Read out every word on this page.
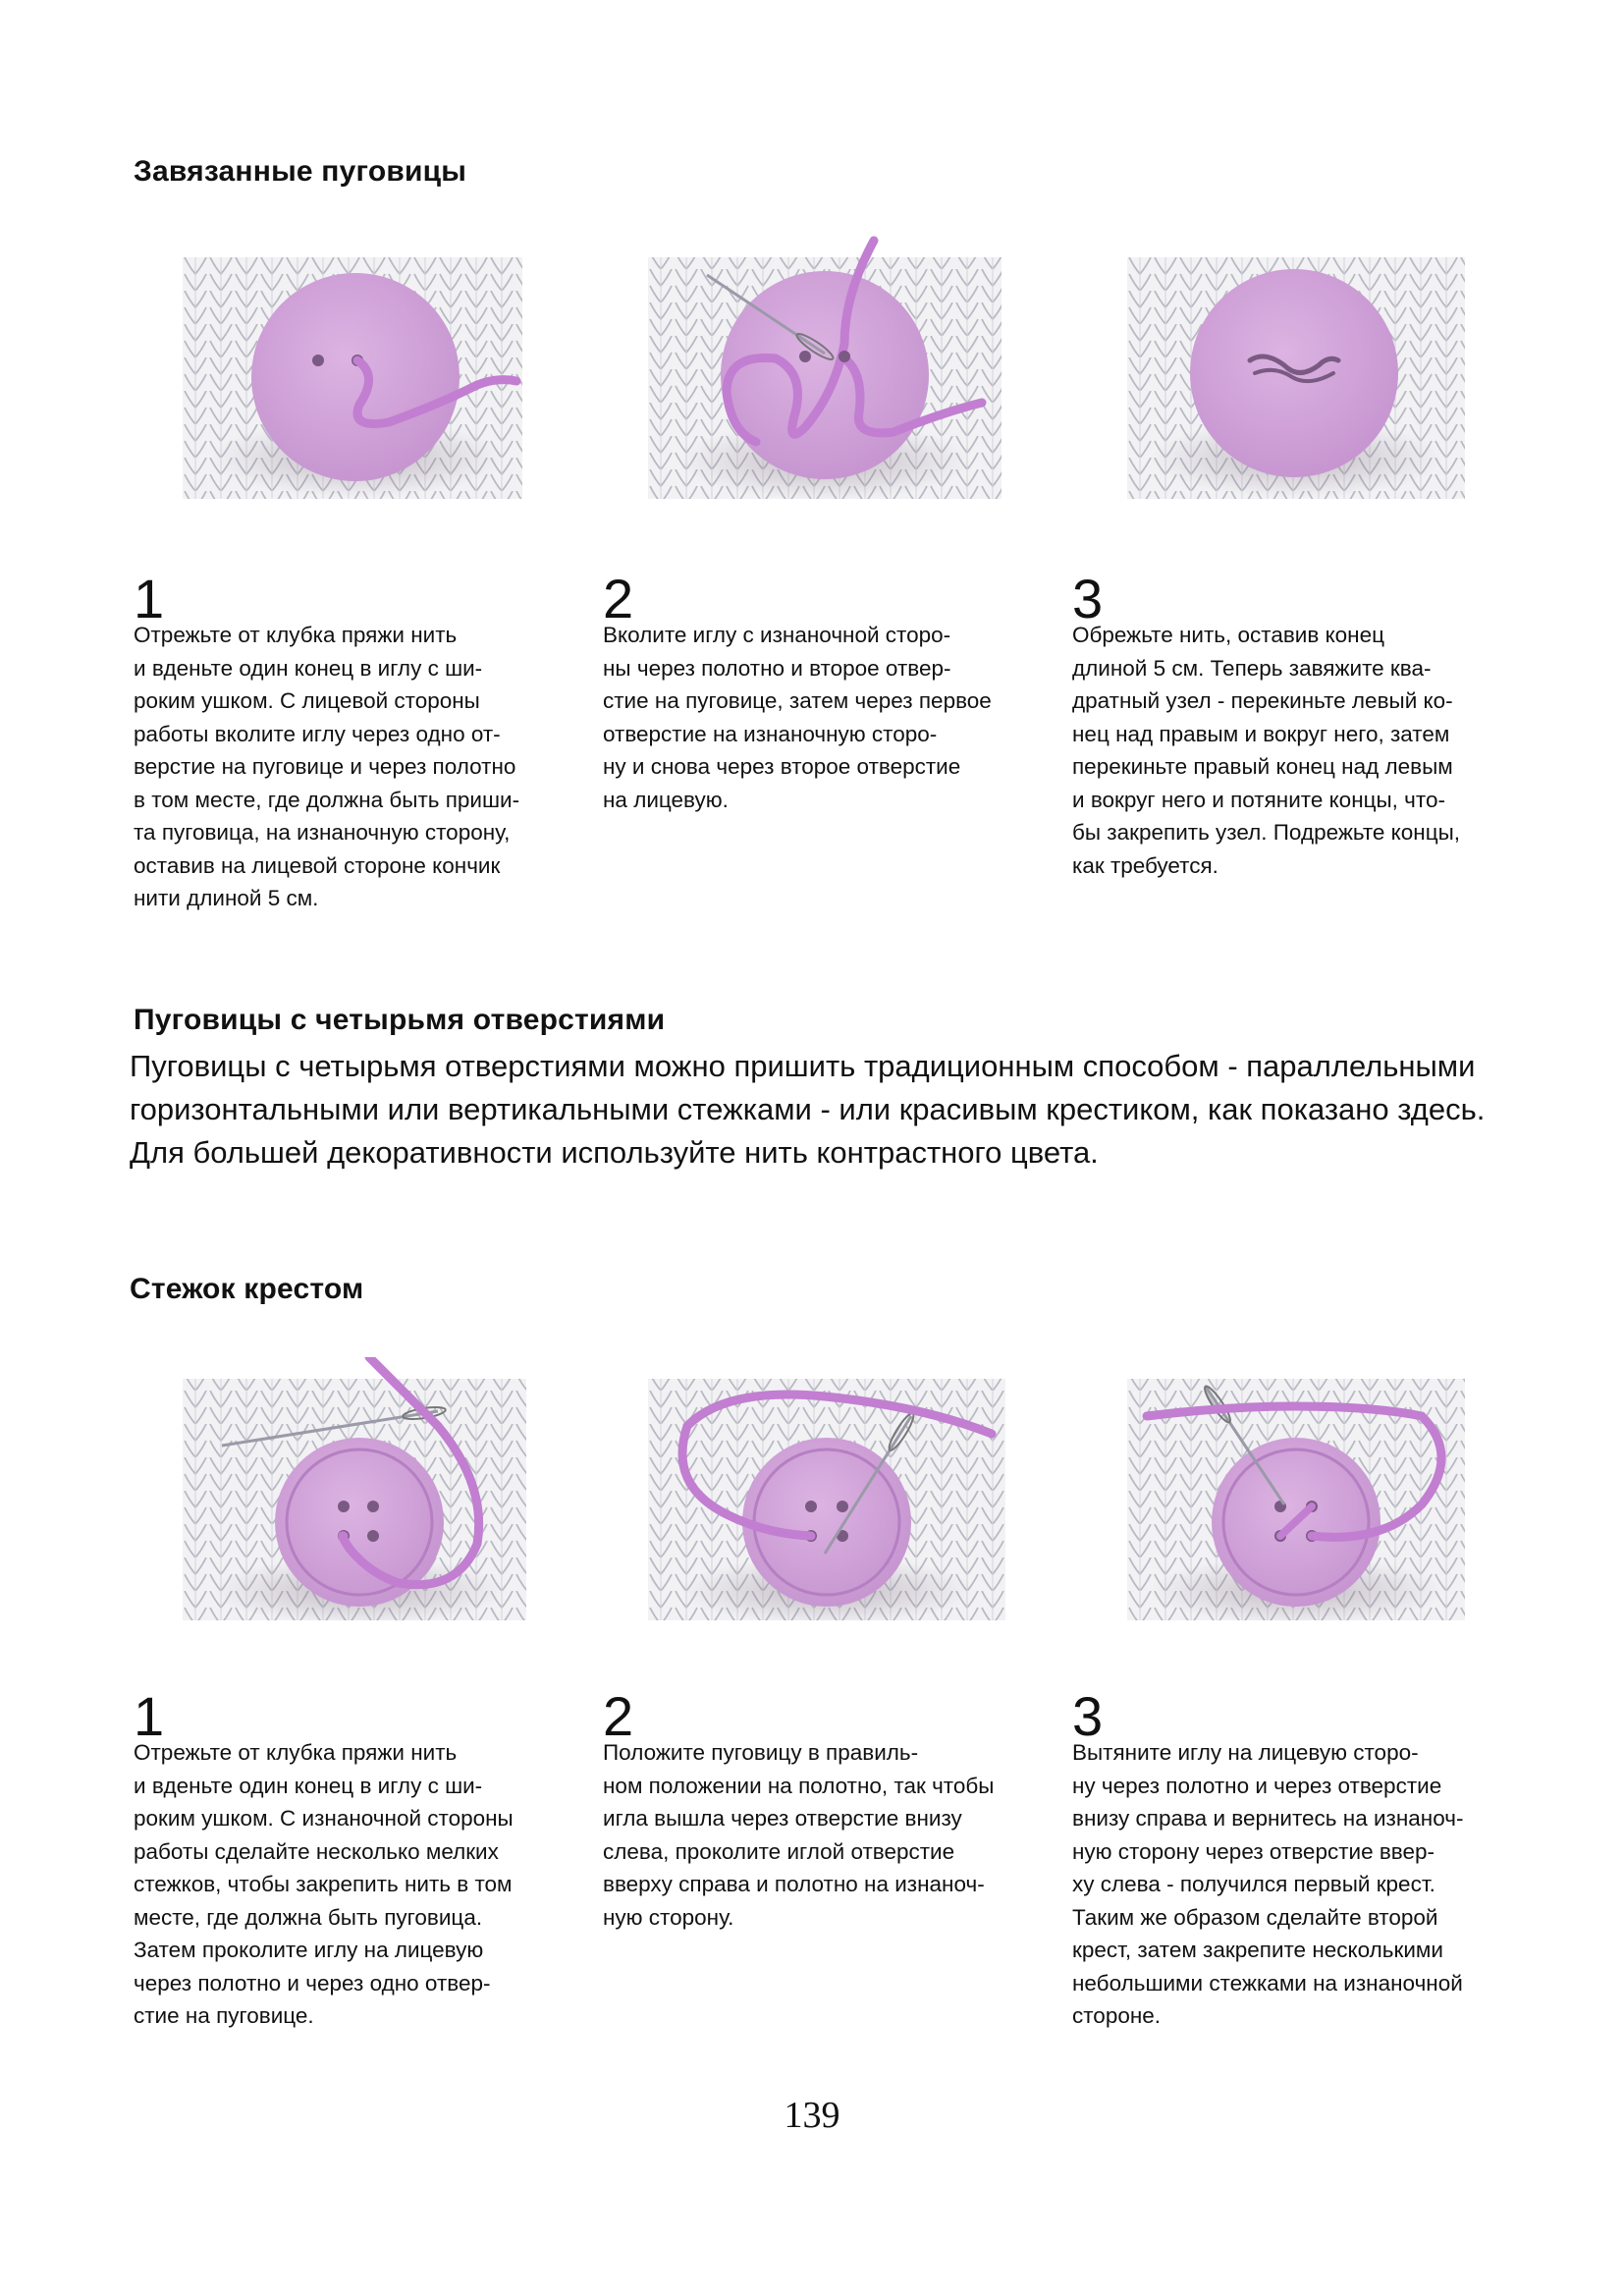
Завязанные пуговицы
1
Отрежьте от клубка пряжи нить
и вденьте один конец в иглу с ши-
роким ушком. С лицевой стороны
работы вколите иглу через одно от-
верстие на пуговице и через полотно
в том месте, где должна быть приши-
та пуговица, на изнаночную сторону,
оставив на лицевой стороне кончик
нити длиной 5 см.
2
Вколите иглу с изнаночной сторо-
ны через полотно и второе отвер-
стие на пуговице, затем через первое
отверстие на изнаночную сторо-
ну и снова через второе отверстие
на лицевую.
3
Обрежьте нить, оставив конец
длиной 5 см. Теперь завяжите ква-
дратный узел - перекиньте левый ко-
нец над правым и вокруг него, затем
перекиньте правый конец над левым
и вокруг него и потяните концы, что-
бы закрепить узел. Подрежьте концы,
как требуется.
Пуговицы с четырьмя отверстиями
Пуговицы с четырьмя отверстиями можно пришить традиционным способом - параллельными
горизонтальными или вертикальными стежками - или красивым крестиком, как показано здесь.
Для большей декоративности используйте нить контрастного цвета.
Стежок крестом
1
Отрежьте от клубка пряжи нить
и вденьте один конец в иглу с ши-
роким ушком. С изнаночной стороны
работы сделайте несколько мелких
стежков, чтобы закрепить нить в том
месте, где должна быть пуговица.
Затем проколите иглу на лицевую
через полотно и через одно отвер-
стие на пуговице.
2
Положите пуговицу в правиль-
ном положении на полотно, так чтобы
игла вышла через отверстие внизу
слева, проколите иглой отверстие
вверху справа и полотно на изнаноч-
ную сторону.
3
Вытяните иглу на лицевую сторо-
ну через полотно и через отверстие
внизу справа и вернитесь на изнаноч-
ную сторону через отверстие ввер-
ху слева - получился первый крест.
Таким же образом сделайте второй
крест, затем закрепите несколькими
небольшими стежками на изнаночной
стороне.
139
